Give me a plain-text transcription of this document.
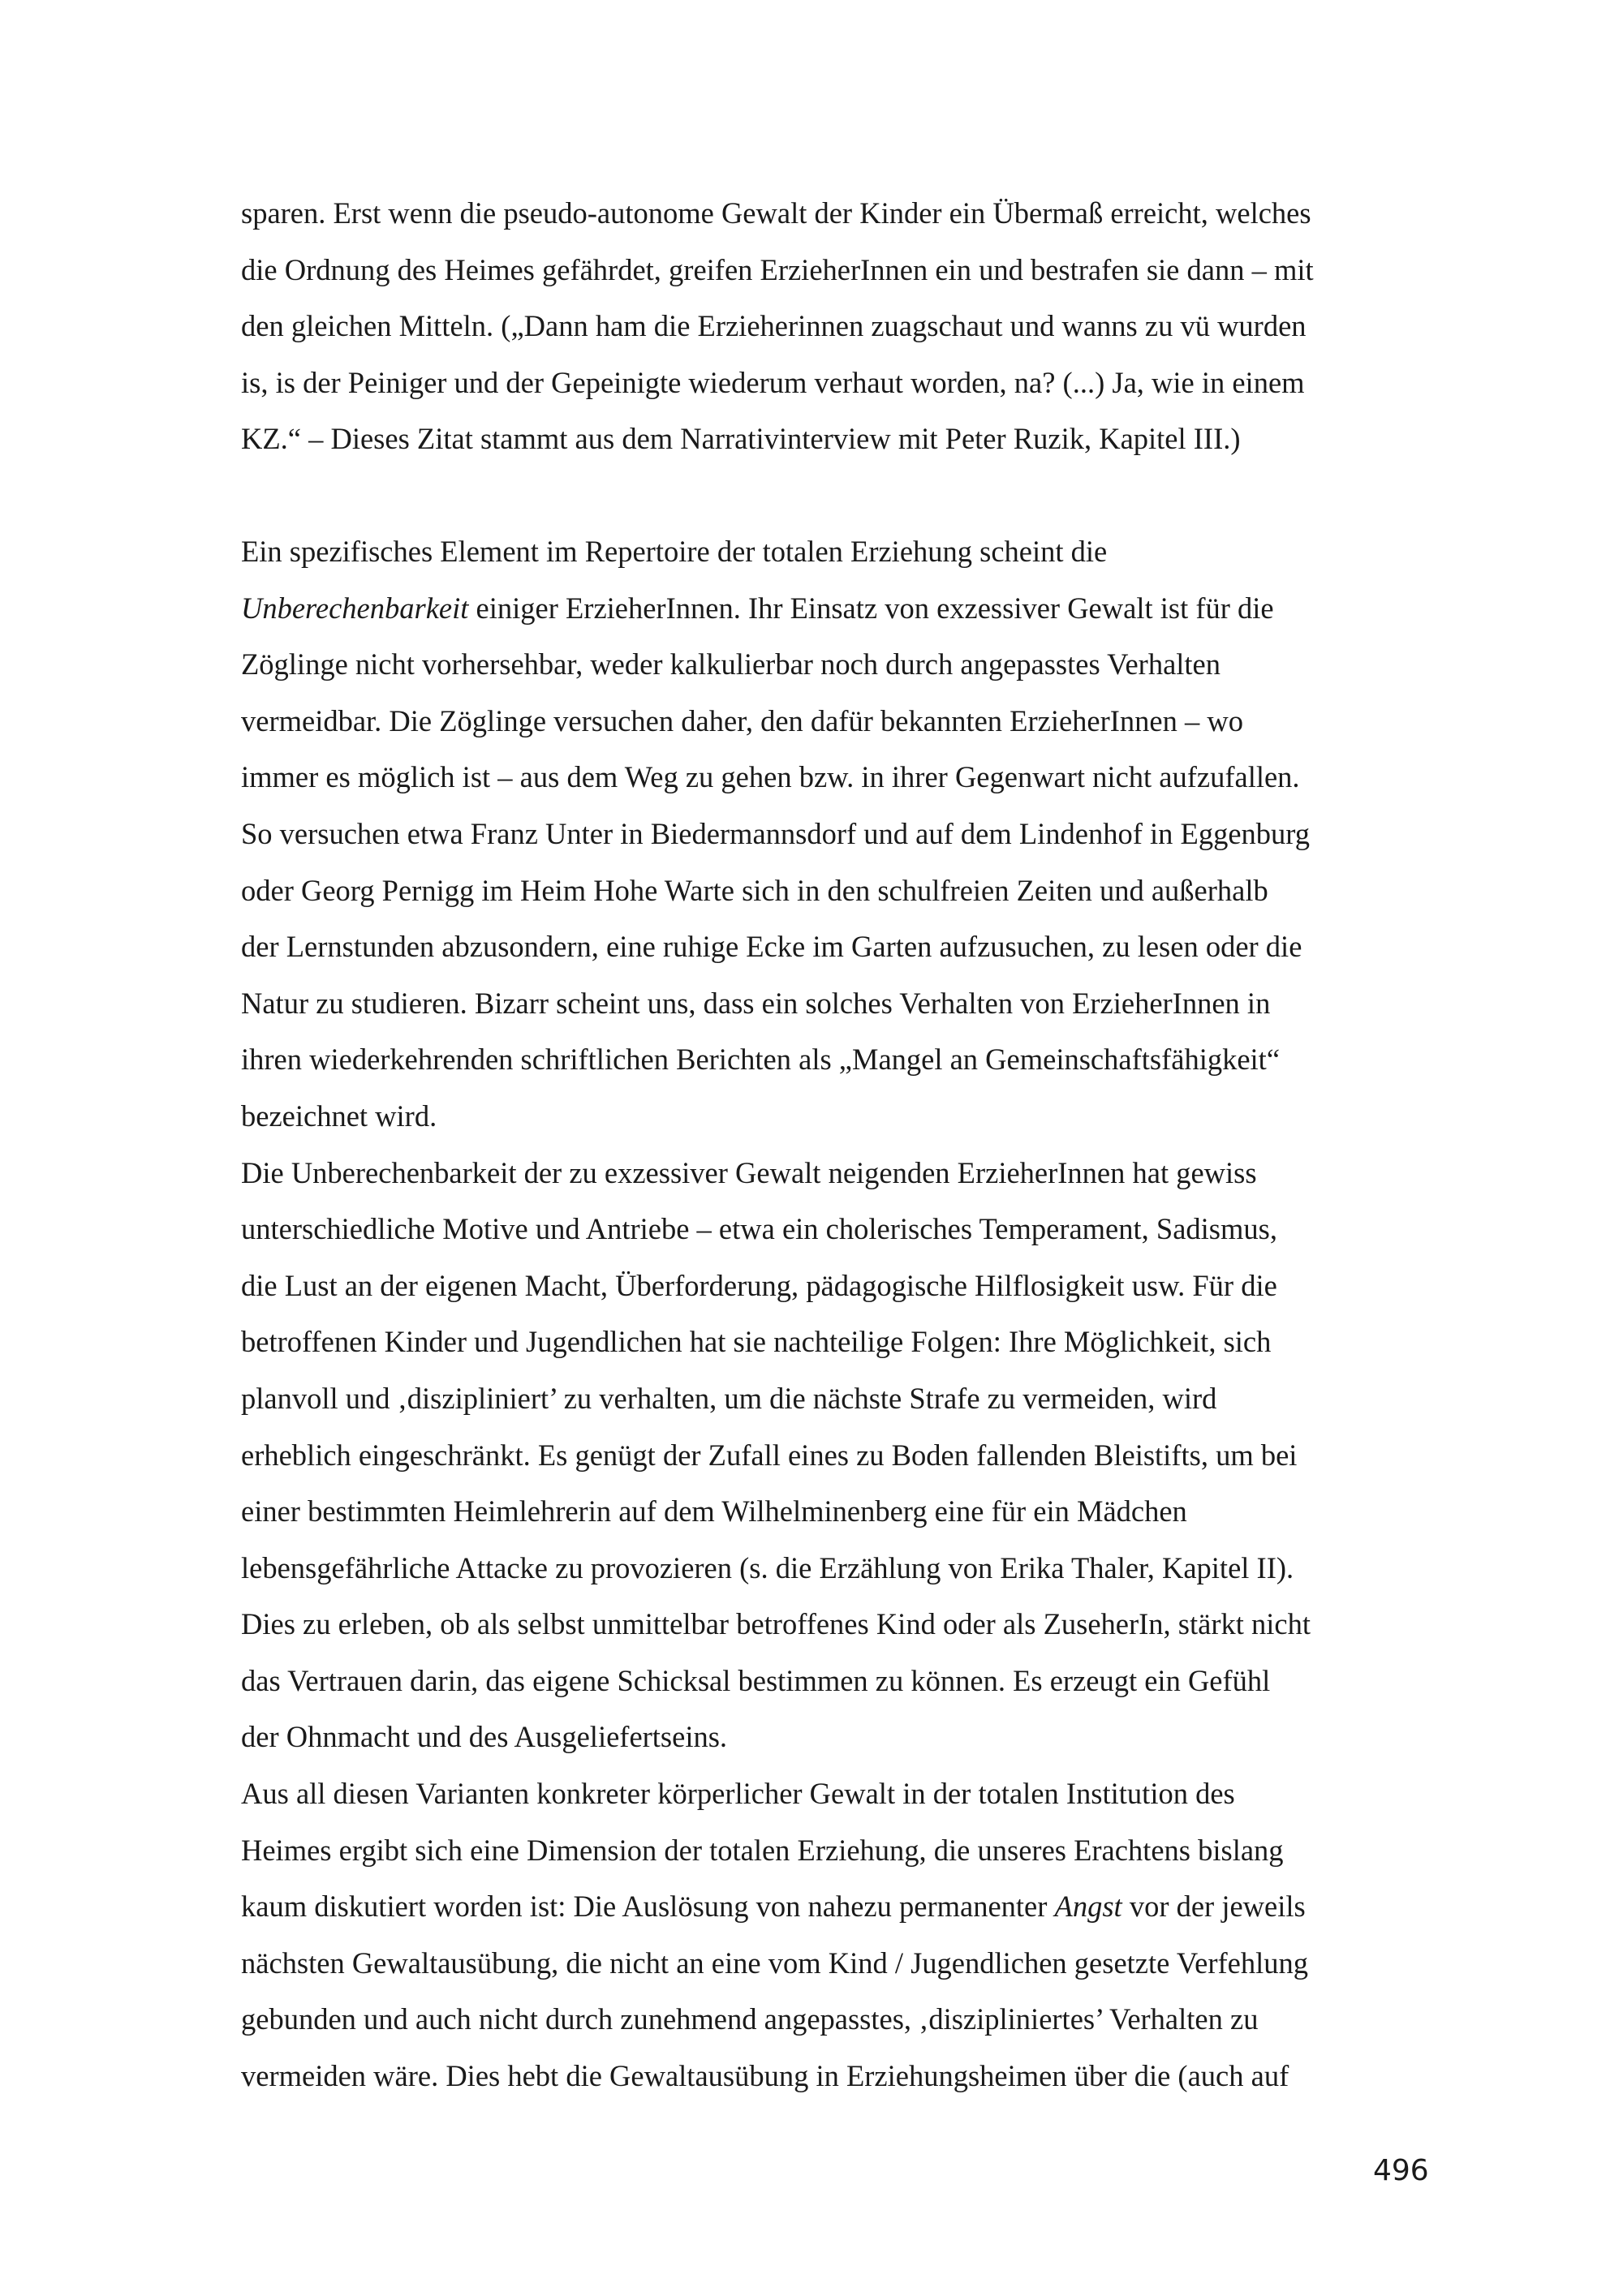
sparen. Erst wenn die pseudo-autonome Gewalt der Kinder ein Übermaß erreicht, welches
die Ordnung des Heimes gefährdet, greifen ErzieherInnen ein und bestrafen sie dann – mit
den gleichen Mitteln. („Dann ham die Erzieherinnen zuagschaut und wanns zu vü wurden
is, is der Peiniger und der Gepeinigte wiederum verhaut worden, na? (...) Ja, wie in einem
KZ.“ – Dieses Zitat stammt aus dem Narrativinterview mit Peter Ruzik, Kapitel III.)
Ein spezifisches Element im Repertoire der totalen Erziehung scheint die
Unberechenbarkeit einiger ErzieherInnen. Ihr Einsatz von exzessiver Gewalt ist für die
Zöglinge nicht vorhersehbar, weder kalkulierbar noch durch angepasstes Verhalten
vermeidbar. Die Zöglinge versuchen daher, den dafür bekannten ErzieherInnen – wo
immer es möglich ist – aus dem Weg zu gehen bzw. in ihrer Gegenwart nicht aufzufallen.
So versuchen etwa Franz Unter in Biedermannsdorf und auf dem Lindenhof in Eggenburg
oder Georg Pernigg im Heim Hohe Warte sich in den schulfreien Zeiten und außerhalb
der Lernstunden abzusondern, eine ruhige Ecke im Garten aufzusuchen, zu lesen oder die
Natur zu studieren. Bizarr scheint uns, dass ein solches Verhalten von ErzieherInnen in
ihren wiederkehrenden schriftlichen Berichten als „Mangel an Gemeinschaftsfähigkeit“
bezeichnet wird.
Die Unberechenbarkeit der zu exzessiver Gewalt neigenden ErzieherInnen hat gewiss
unterschiedliche Motive und Antriebe – etwa ein cholerisches Temperament, Sadismus,
die Lust an der eigenen Macht, Überforderung, pädagogische Hilflosigkeit usw. Für die
betroffenen Kinder und Jugendlichen hat sie nachteilige Folgen: Ihre Möglichkeit, sich
planvoll und ‚diszipliniert’ zu verhalten, um die nächste Strafe zu vermeiden, wird
erheblich eingeschränkt. Es genügt der Zufall eines zu Boden fallenden Bleistifts, um bei
einer bestimmten Heimlehrerin auf dem Wilhelminenberg eine für ein Mädchen
lebensgefährliche Attacke zu provozieren (s. die Erzählung von Erika Thaler, Kapitel II).
Dies zu erleben, ob als selbst unmittelbar betroffenes Kind oder als ZuseherIn, stärkt nicht
das Vertrauen darin, das eigene Schicksal bestimmen zu können. Es erzeugt ein Gefühl
der Ohnmacht und des Ausgeliefertseins.
Aus all diesen Varianten konkreter körperlicher Gewalt in der totalen Institution des
Heimes ergibt sich eine Dimension der totalen Erziehung, die unseres Erachtens bislang
kaum diskutiert worden ist: Die Auslösung von nahezu permanenter Angst vor der jeweils
nächsten Gewaltausübung, die nicht an eine vom Kind / Jugendlichen gesetzte Verfehlung
gebunden und auch nicht durch zunehmend angepasstes, ‚diszipliniertes’ Verhalten zu
vermeiden wäre. Dies hebt die Gewaltausübung in Erziehungsheimen über die (auch auf
496
